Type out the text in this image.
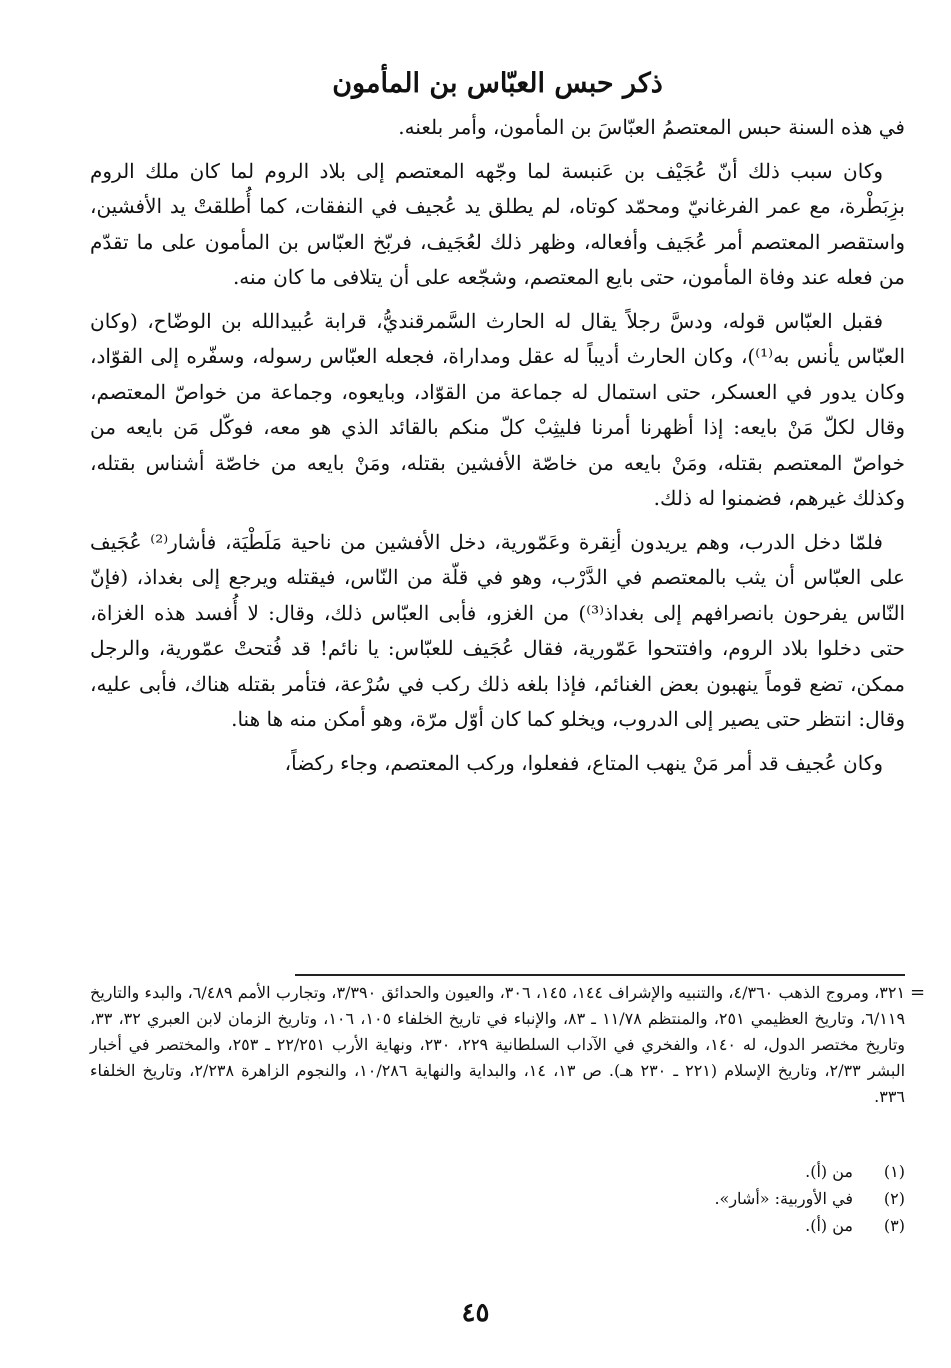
ذكر حبس العبّاس بن المأمون

في هذه السنة حبس المعتصمُ العبّاسَ بن المأمون، وأمر بلعنه.

وكان سبب ذلك أنّ عُجَيْف بن عَنبسة لما وجّهه المعتصم إلى بلاد الروم لما كان ملك الروم بزِبَطْرة، مع عمر الفرغانيّ ومحمّد كوتاه، لم يطلق يد عُجيف في النفقات، كما أُطلقتْ يد الأفشين، واستقصر المعتصم أمر عُجَيف وأفعاله، وظهر ذلك لعُجَيف، فربّخ العبّاس بن المأمون على ما تقدّم من فعله عند وفاة المأمون، حتى بايع المعتصم، وشجّعه على أن يتلافى ما كان منه.

فقبل العبّاس قوله، ودسَّ رجلاً يقال له الحارث السَّمرقنديُّ، قرابة عُبيدالله بن الوضّاح، (وكان العبّاس يأنس به⁽¹⁾)، وكان الحارث أديباً له عقل ومداراة، فجعله العبّاس رسوله، وسفّره إلى القوّاد، وكان يدور في العسكر، حتى استمال له جماعة من القوّاد، وبايعوه، وجماعة من خواصّ المعتصم، وقال لكلّ مَنْ بايعه: إذا أظهرنا أمرنا فليثِبْ كلّ منكم بالقائد الذي هو معه، فوكّل مَن بايعه من خواصّ المعتصم بقتله، ومَنْ بايعه من خاصّة الأفشين بقتله، ومَنْ بايعه من خاصّة أشناس بقتله، وكذلك غيرهم، فضمنوا له ذلك.

فلمّا دخل الدرب، وهم يريدون أنِقرة وعَمّورية، دخل الأفشين من ناحية مَلَطْيَة، فأشار⁽²⁾ عُجَيف على العبّاس أن يثب بالمعتصم في الدَّرْب، وهو في قلّة من النّاس، فيقتله ويرجع إلى بغداذ، (فإنّ النّاس يفرحون بانصرافهم إلى بغداذ⁽³⁾) من الغزو، فأبى العبّاس ذلك، وقال: لا أُفسد هذه الغزاة، حتى دخلوا بلاد الروم، وافتتحوا عَمّورية، فقال عُجَيف للعبّاس: يا نائم! قد فُتحتْ عمّورية، والرجل ممكن، تضع قوماً ينهبون بعض الغنائم، فإذا بلغه ذلك ركب في سُرْعة، فتأمر بقتله هناك، فأبى عليه، وقال: انتظر حتى يصير إلى الدروب، ويخلو كما كان أوّل مرّة، وهو أمكن منه ها هنا.

وكان عُجيف قد أمر مَنْ ينهب المتاع، ففعلوا، وركب المعتصم، وجاء ركضاً،

=
٣٢١، ومروج الذهب ٤/٣٦٠، والتنبيه والإشراف ١٤٤، ١٤٥، ٣٠٦، والعيون والحدائق ٣/٣٩٠، وتجارب الأمم ٦/٤٨٩، والبدء والتاريخ ٦/١١٩، وتاريخ العظيمي ٢٥١، والمنتظم ١١/٧٨ ـ ٨٣، والإنباء في تاريخ الخلفاء ١٠٥، ١٠٦، وتاريخ الزمان لابن العبري ٣٢، ٣٣، وتاريخ مختصر الدول، له ١٤٠، والفخري في الآداب السلطانية ٢٢٩، ٢٣٠، ونهاية الأرب ٢٢/٢٥١ ـ ٢٥٣، والمختصر في أخبار البشر ٢/٣٣، وتاريخ الإسلام (٢٢١ ـ ٢٣٠ هـ). ص ١٣، ١٤، والبداية والنهاية ١٠/٢٨٦، والنجوم الزاهرة ٢/٢٣٨، وتاريخ الخلفاء ٣٣٦.
(١)
من (أ).
(٢)
في الأوربية: «أشار».
(٣)
من (أ).
٤٥
